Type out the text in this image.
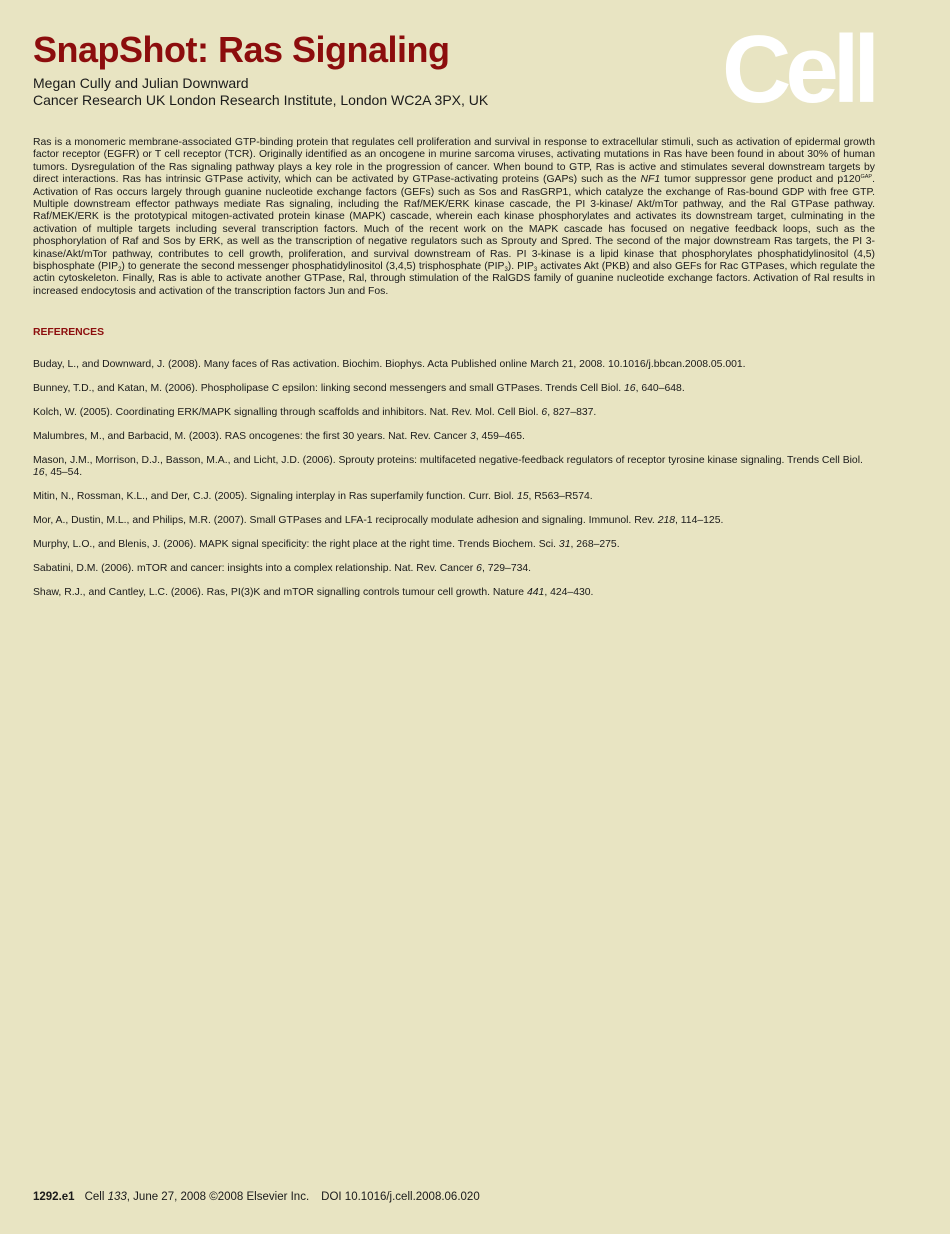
SnapShot: Ras Signaling
Megan Cully and Julian Downward
Cancer Research UK London Research Institute, London WC2A 3PX, UK Cell

Ras is a monomeric membrane-associated GTP-binding protein that regulates cell proliferation and survival in response to extracellular stimuli, such as activation of epidermal growth factor receptor (EGFR) or T cell receptor (TCR). Originally identified as an oncogene in murine sarcoma viruses, activating mutations in Ras have been found in about 30% of human tumors. Dysregulation of the Ras signaling pathway plays a key role in the progression of cancer. When bound to GTP, Ras is active and stimulates several downstream targets by direct interactions. Ras has intrinsic GTPase activity, which can be activated by GTPase-activating proteins (GAPs) such as the NF1 tumor suppressor gene product and $p120^{GAP}$. Activation of Ras occurs largely through guanine nucleotide exchange factors (GEFs) such as Sos and RasGRP1, which catalyze the exchange of Ras-bound GDP with free GTP. Multiple downstream effector pathways mediate Ras signaling, including the Raf/MEK/ERK kinase cascade, the PI 3-kinase/ Akt/mTor pathway, and the Ral GTPase pathway. Raf/MEK/ERK is the prototypical mitogen-activated protein kinase (MAPK) cascade, wherein each kinase phosphorylates and activates its downstream target, culminating in the activation of multiple targets including several transcription factors. Much of the recent work on the MAPK cascade has focused on negative feedback loops, such as the phosphorylation of Raf and Sos by ERK, as well as the transcription of negative regulators such as Sprouty and Spred. The second of the major downstream Ras targets, the PI 3-kinase/Akt/mTor pathway, contributes to cell growth, proliferation, and survival downstream of Ras. PI 3-kinase is a lipid kinase that phosphorylates phosphatidylinositol (4,5) bisphosphate $(PIP_2)$ to generate the second messenger phosphatidylinositol (3,4,5) trisphosphate $(PIP_3)$. $PIP_3$ activates Akt (PKB) and also GEFs for Rac GTPases, which regulate the actin cytoskeleton. Finally, Ras is able to activate another GTPase, Ral, through stimulation of the RalGDS family of guanine nucleotide exchange factors. Activation of Ral results in increased endocytosis and activation of the transcription factors Jun and Fos.

REFERENCES

Buday, L., and Downward, J. (2008). Many faces of Ras activation. Biochim. Biophys. Acta Published online March 21, 2008. 10.1016/j.bbcan.2008.05.001.

Bunney, T.D., and Katan, M. (2006). Phospholipase C epsilon: linking second messengers and small GTPases. Trends Cell Biol. 16, 640–648.

Kolch, W. (2005). Coordinating ERK/MAPK signalling through scaffolds and inhibitors. Nat. Rev. Mol. Cell Biol. 6, 827–837.

Malumbres, M., and Barbacid, M. (2003). RAS oncogenes: the first 30 years. Nat. Rev. Cancer 3, 459–465.

Mason, J.M., Morrison, D.J., Basson, M.A., and Licht, J.D. (2006). Sprouty proteins: multifaceted negative-feedback regulators of receptor tyrosine kinase signaling. Trends Cell Biol. 16, 45–54.

Mitin, N., Rossman, K.L., and Der, C.J. (2005). Signaling interplay in Ras superfamily function. Curr. Biol. 15, R563–R574.

Mor, A., Dustin, M.L., and Philips, M.R. (2007). Small GTPases and LFA-1 reciprocally modulate adhesion and signaling. Immunol. Rev. 218, 114–125.

Murphy, L.O., and Blenis, J. (2006). MAPK signal specificity: the right place at the right time. Trends Biochem. Sci. 31, 268–275.

Sabatini, D.M. (2006). mTOR and cancer: insights into a complex relationship. Nat. Rev. Cancer 6, 729–734.

Shaw, R.J., and Cantley, L.C. (2006). Ras, PI(3)K and mTOR signalling controls tumour cell growth. Nature 441, 424–430.

1292.e1 Cell 133, June 27, 2008 ©2008 Elsevier Inc. DOI 10.1016/j.cell.2008.06.020
